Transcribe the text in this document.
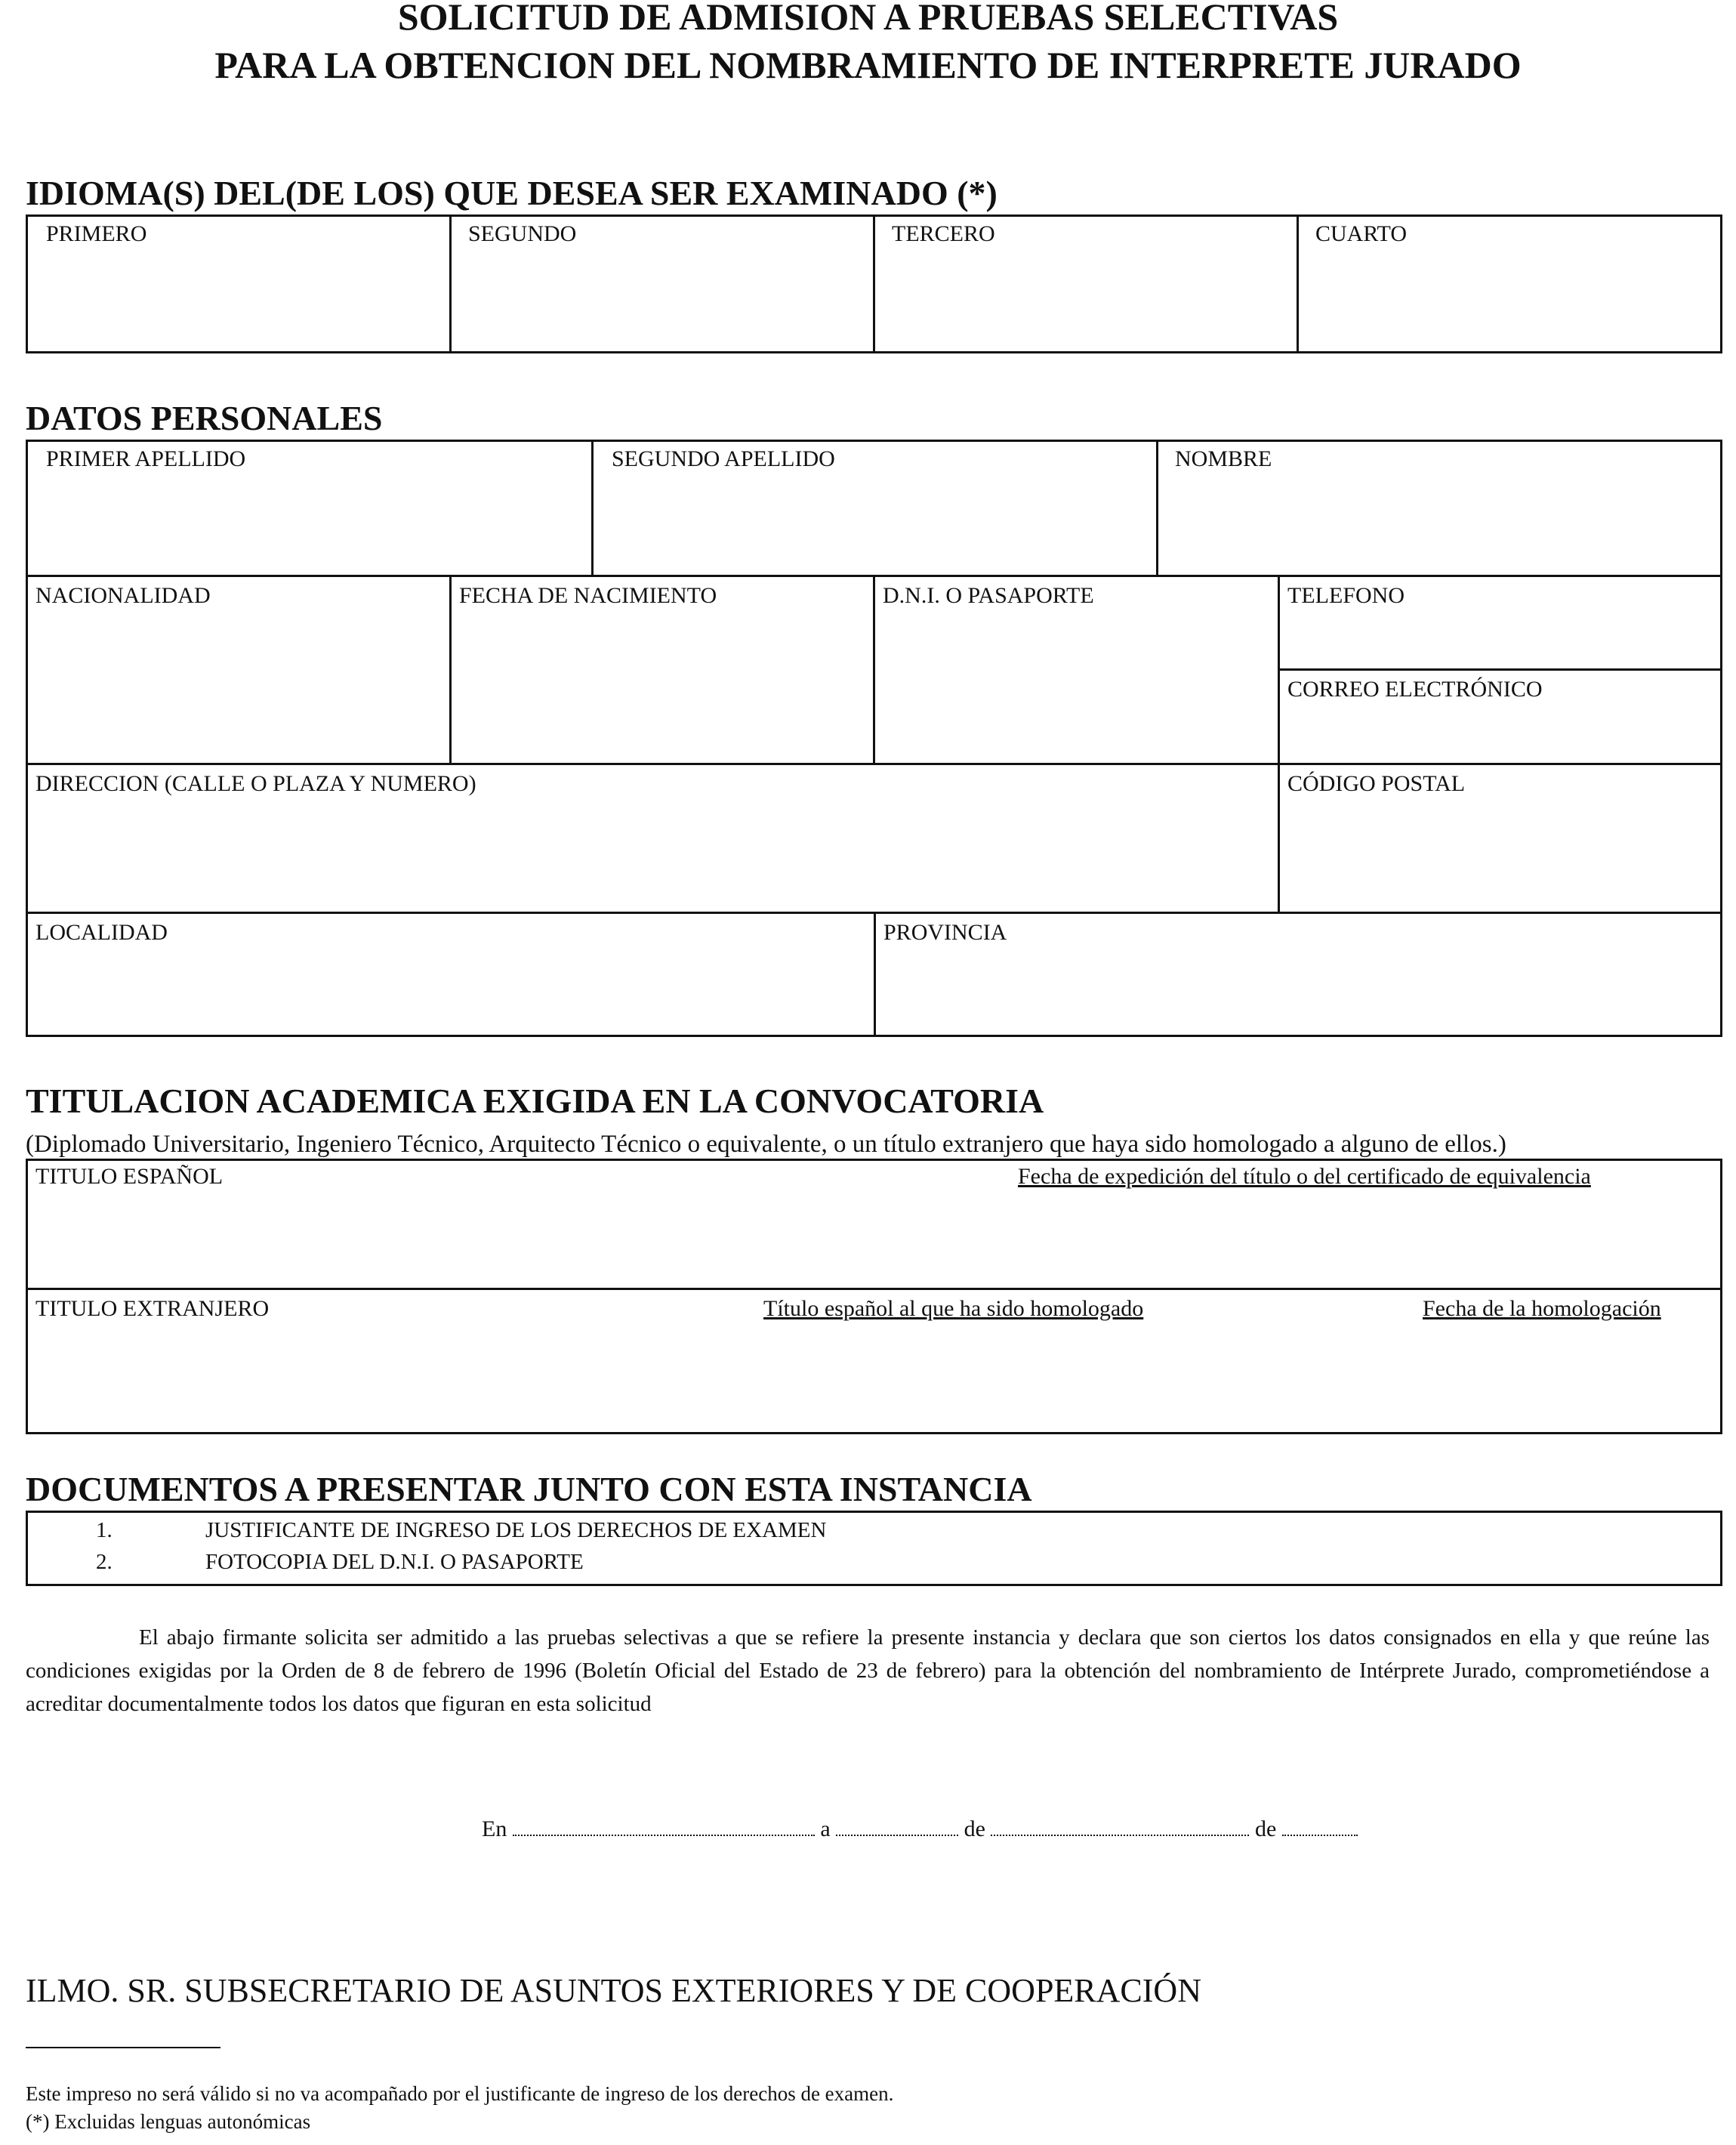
SOLICITUD DE ADMISION A PRUEBAS SELECTIVAS
PARA LA OBTENCION DEL NOMBRAMIENTO DE INTERPRETE JURADO
IDIOMA(S) DEL(DE LOS) QUE DESEA SER EXAMINADO (*)
PRIMERO	SEGUNDO	TERCERO	CUARTO
DATOS PERSONALES
PRIMER APELLIDO	SEGUNDO APELLIDO	NOMBRE
NACIONALIDAD	FECHA DE NACIMIENTO	D.N.I. O PASAPORTE	TELEFONO
CORREO ELECTRÓNICO
DIRECCION (CALLE O PLAZA Y NUMERO)	CÓDIGO POSTAL
LOCALIDAD	PROVINCIA
TITULACION ACADEMICA EXIGIDA EN LA CONVOCATORIA
(Diplomado Universitario, Ingeniero Técnico, Arquitecto Técnico o equivalente, o un título extranjero que haya sido homologado a alguno de ellos.)
TITULO ESPAÑOL	Fecha de expedición del título o del certificado de equivalencia
TITULO EXTRANJERO	Título español al que ha sido homologado	Fecha de la homologación
DOCUMENTOS A PRESENTAR JUNTO CON ESTA INSTANCIA
1.	JUSTIFICANTE DE INGRESO DE LOS DERECHOS DE EXAMEN
2.	FOTOCOPIA DEL D.N.I. O PASAPORTE
El abajo firmante solicita ser admitido a las pruebas selectivas a que se refiere la presente instancia y declara que son ciertos los datos consignados en ella y que reúne las condiciones exigidas por la Orden de 8 de febrero de 1996 (Boletín Oficial del Estado de 23 de febrero) para la obtención del nombramiento de Intérprete Jurado, comprometiéndose a acreditar documentalmente todos los datos que figuran en esta solicitud
En	a	de	de
ILMO. SR. SUBSECRETARIO DE ASUNTOS EXTERIORES Y DE COOPERACIÓN
Este impreso no será válido si no va acompañado por el justificante de ingreso de los derechos de examen.
(*) Excluidas lenguas autonómicas
